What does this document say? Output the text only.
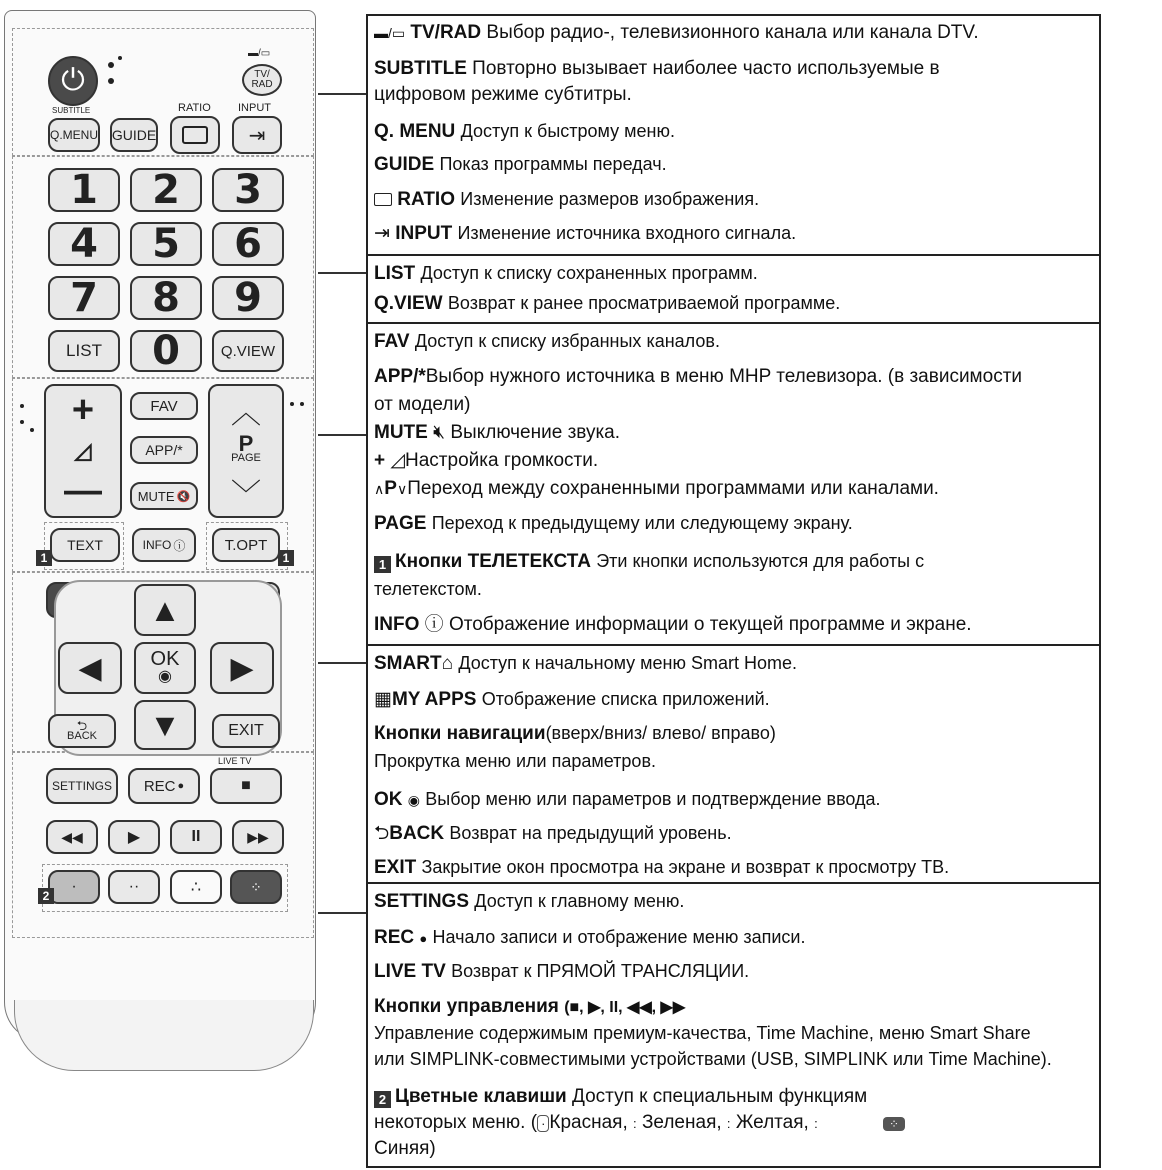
⏻	TV/ RAD
▬/▭
SUBTITLE	RATIO INPUT
Q.MENU GUIDE	⇥
1 2 3
4 5 6
7 8 9
LIST 0	Q.VIEW
+
◿
—
FAV
APP/*
MUTE 🔇
︿
P
PAGE
﹀
TEXT	INFO ⓘ	T.OPT
1	1
▲
◀ OK
◉ ▶
▼
⮌
BACK	EXIT
LIVE TV
SETTINGS REC ●	■
◀◀	▶	II	▶▶
·	··	∴	⁘
2
▬/▭ TV/RAD Выбор радио-, телевизионного канала или канала DTV.
SUBTITLE Повторно вызывает наиболее часто используемые в
цифровом режиме субтитры.
Q. MENU Доступ к быстрому меню.
GUIDE Показ программы передач.
RATIO Изменение размеров изображения.
⇥ INPUT Изменение источника входного сигнала.
LIST Доступ к списку сохраненных программ.
Q.VIEW Возврат к ранее просматриваемой программе.
FAV Доступ к списку избранных каналов.
APP/*Выбор нужного источника в меню MHP телевизора. (в зависимости
от модели)
MUTE 🔇︎ Выключение звука.
+ ◿Настройка громкости.
∧P∨Переход между сохраненными программами или каналами.
PAGE Переход к предыдущему или следующему экрану.
1 Кнопки ТЕЛЕТЕКСТА Эти кнопки используются для работы с
телетекстом.
INFO ⓘ Отображение информации о текущей программе и экране.
SMART⌂ Доступ к начальному меню Smart Home.
▦MY APPS Отображение списка приложений.
Кнопки навигации(вверх/вниз/ влево/ вправо)
Прокрутка меню или параметров.
OK ◉ Выбор меню или параметров и подтверждение ввода.
⮌BACK Возврат на предыдущий уровень.
EXIT Закрытие окон просмотра на экране и возврат к просмотру ТВ.
SETTINGS Доступ к главному меню.
REC ● Начало записи и отображение меню записи.
LIVE TV Возврат к ПРЯМОЙ ТРАНСЛЯЦИИ.
Кнопки управления (■, ▶, II, ◀◀, ▶▶
Управление содержимым премиум-качества, Time Machine, меню Smart Share
или SIMPLINK-совместимыми устройствами (USB, SIMPLINK или Time Machine).
2 Цветные клавиши Доступ к специальным функциям
некоторых меню. ( · Красная, : Зеленая, : Желтая, :	⁘
Синяя)
